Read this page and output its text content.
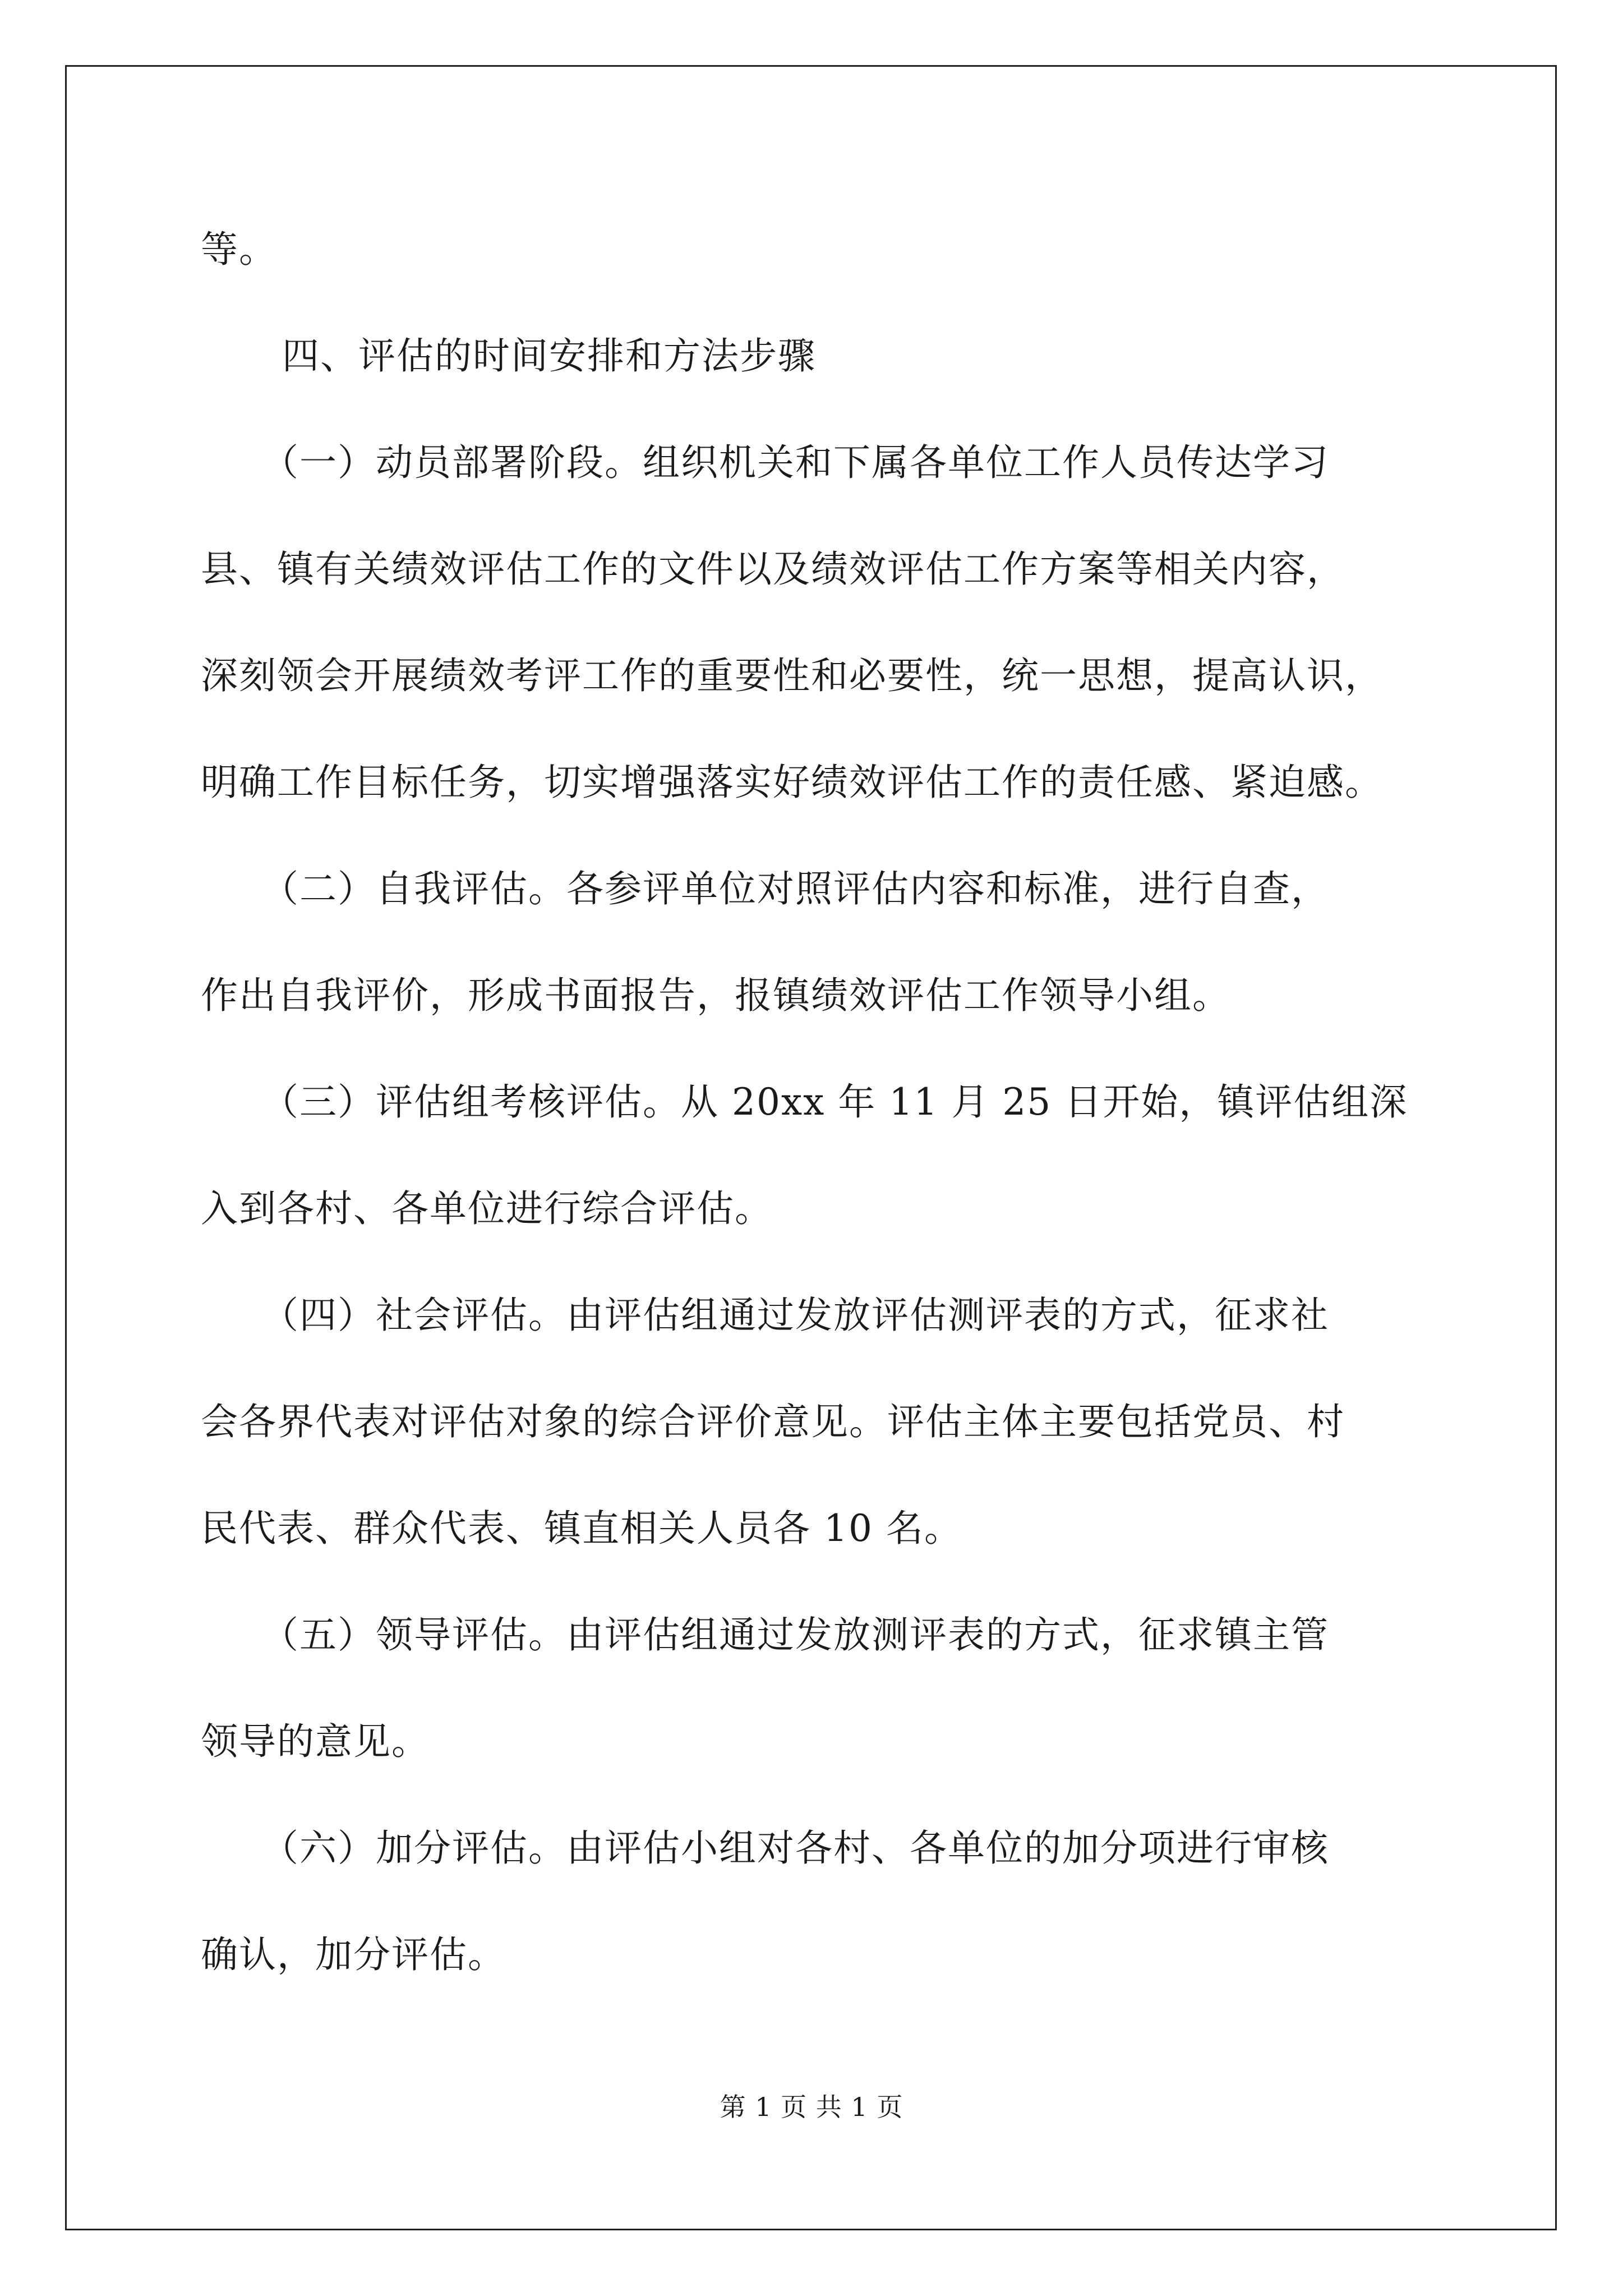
等。
四、评估的时间安排和方法步骤
（一）动员部署阶段。组织机关和下属各单位工作人员传达学习
县、镇有关绩效评估工作的文件以及绩效评估工作方案等相关内容，
深刻领会开展绩效考评工作的重要性和必要性，统一思想，提高认识，
明确工作目标任务，切实增强落实好绩效评估工作的责任感、紧迫感。
（二）自我评估。各参评单位对照评估内容和标准，进行自查，
作出自我评价，形成书面报告，报镇绩效评估工作领导小组。
（三）评估组考核评估。从 20xx 年 11 月 25 日开始，镇评估组深
入到各村、各单位进行综合评估。
（四）社会评估。由评估组通过发放评估测评表的方式，征求社
会各界代表对评估对象的综合评价意见。评估主体主要包括党员、村
民代表、群众代表、镇直相关人员各 10 名。
（五）领导评估。由评估组通过发放测评表的方式，征求镇主管
领导的意见。
（六）加分评估。由评估小组对各村、各单位的加分项进行审核
确认，加分评估。
第 1 页 共 1 页
